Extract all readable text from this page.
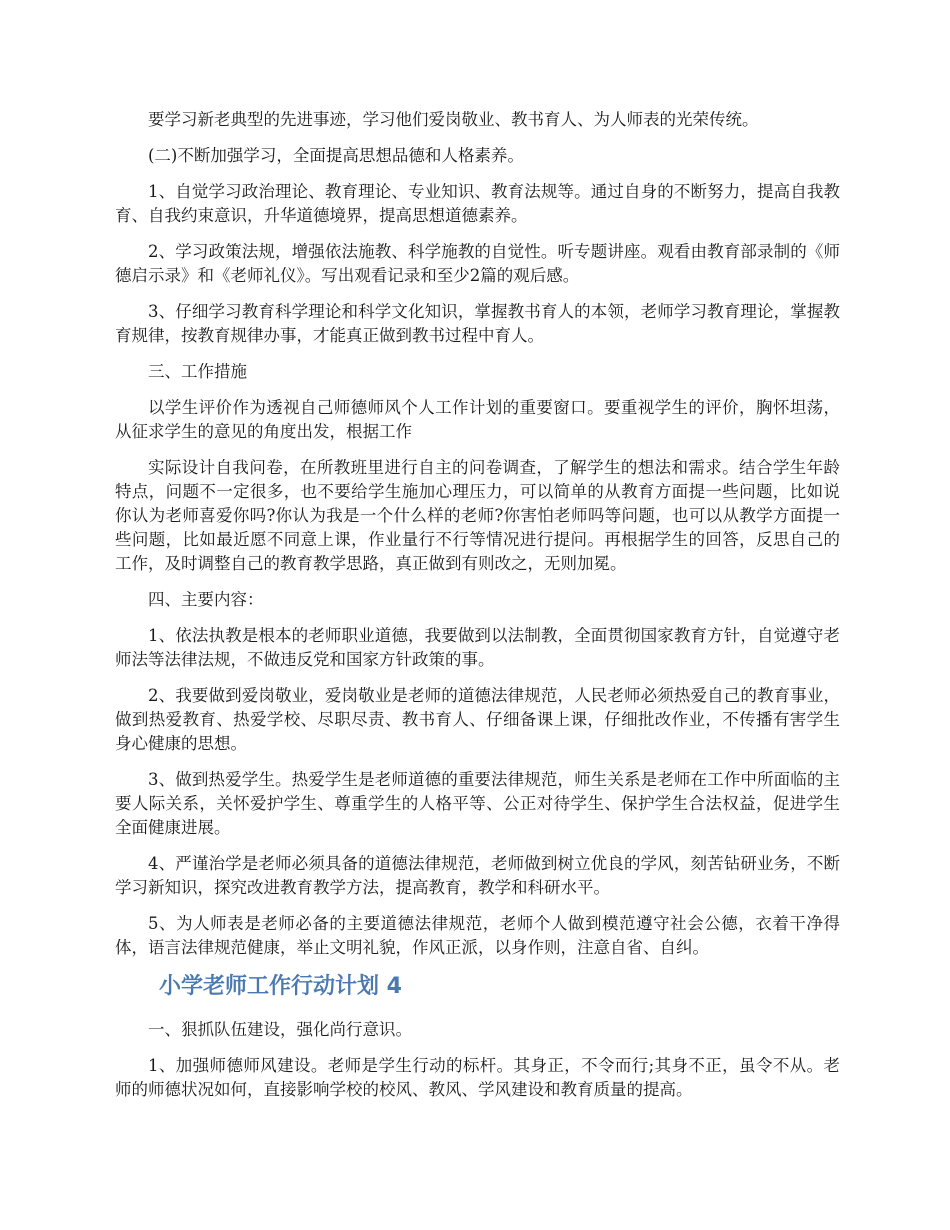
要学习新老典型的先进事迹，学习他们爱岗敬业、教书育人、为人师表的光荣传统。

(二)不断加强学习，全面提高思想品德和人格素养。

1、自觉学习政治理论、教育理论、专业知识、教育法规等。通过自身的不断努力，提高自我教育、自我约束意识，升华道德境界，提高思想道德素养。

2、学习政策法规，增强依法施教、科学施教的自觉性。听专题讲座。观看由教育部录制的《师德启示录》和《老师礼仪》。写出观看记录和至少2篇的观后感。

3、仔细学习教育科学理论和科学文化知识，掌握教书育人的本领，老师学习教育理论，掌握教育规律，按教育规律办事，才能真正做到教书过程中育人。

三、工作措施

以学生评价作为透视自己师德师风个人工作计划的重要窗口。要重视学生的评价，胸怀坦荡，从征求学生的意见的角度出发，根据工作

实际设计自我问卷，在所教班里进行自主的问卷调查，了解学生的想法和需求。结合学生年龄特点，问题不一定很多，也不要给学生施加心理压力，可以简单的从教育方面提一些问题，比如说你认为老师喜爱你吗?你认为我是一个什么样的老师?你害怕老师吗等问题，也可以从教学方面提一些问题，比如最近愿不同意上课，作业量行不行等情况进行提问。再根据学生的回答，反思自己的工作，及时调整自己的教育教学思路，真正做到有则改之，无则加冕。

四、主要内容：

1、依法执教是根本的老师职业道德，我要做到以法制教，全面贯彻国家教育方针，自觉遵守老师法等法律法规，不做违反党和国家方针政策的事。

2、我要做到爱岗敬业，爱岗敬业是老师的道德法律规范，人民老师必须热爱自己的教育事业，做到热爱教育、热爱学校、尽职尽责、教书育人、仔细备课上课，仔细批改作业，不传播有害学生身心健康的思想。

3、做到热爱学生。热爱学生是老师道德的重要法律规范，师生关系是老师在工作中所面临的主要人际关系，关怀爱护学生、尊重学生的人格平等、公正对待学生、保护学生合法权益，促进学生全面健康进展。

4、严谨治学是老师必须具备的道德法律规范，老师做到树立优良的学风，刻苦钻研业务，不断学习新知识，探究改进教育教学方法，提高教育，教学和科研水平。

5、为人师表是老师必备的主要道德法律规范，老师个人做到模范遵守社会公德，衣着干净得体，语言法律规范健康，举止文明礼貌，作风正派，以身作则，注意自省、自纠。

小学老师工作行动计划 4

一、狠抓队伍建设，强化尚行意识。

1、加强师德师风建设。老师是学生行动的标杆。其身正，不令而行;其身不正，虽令不从。老师的师德状况如何，直接影响学校的校风、教风、学风建设和教育质量的提高。
